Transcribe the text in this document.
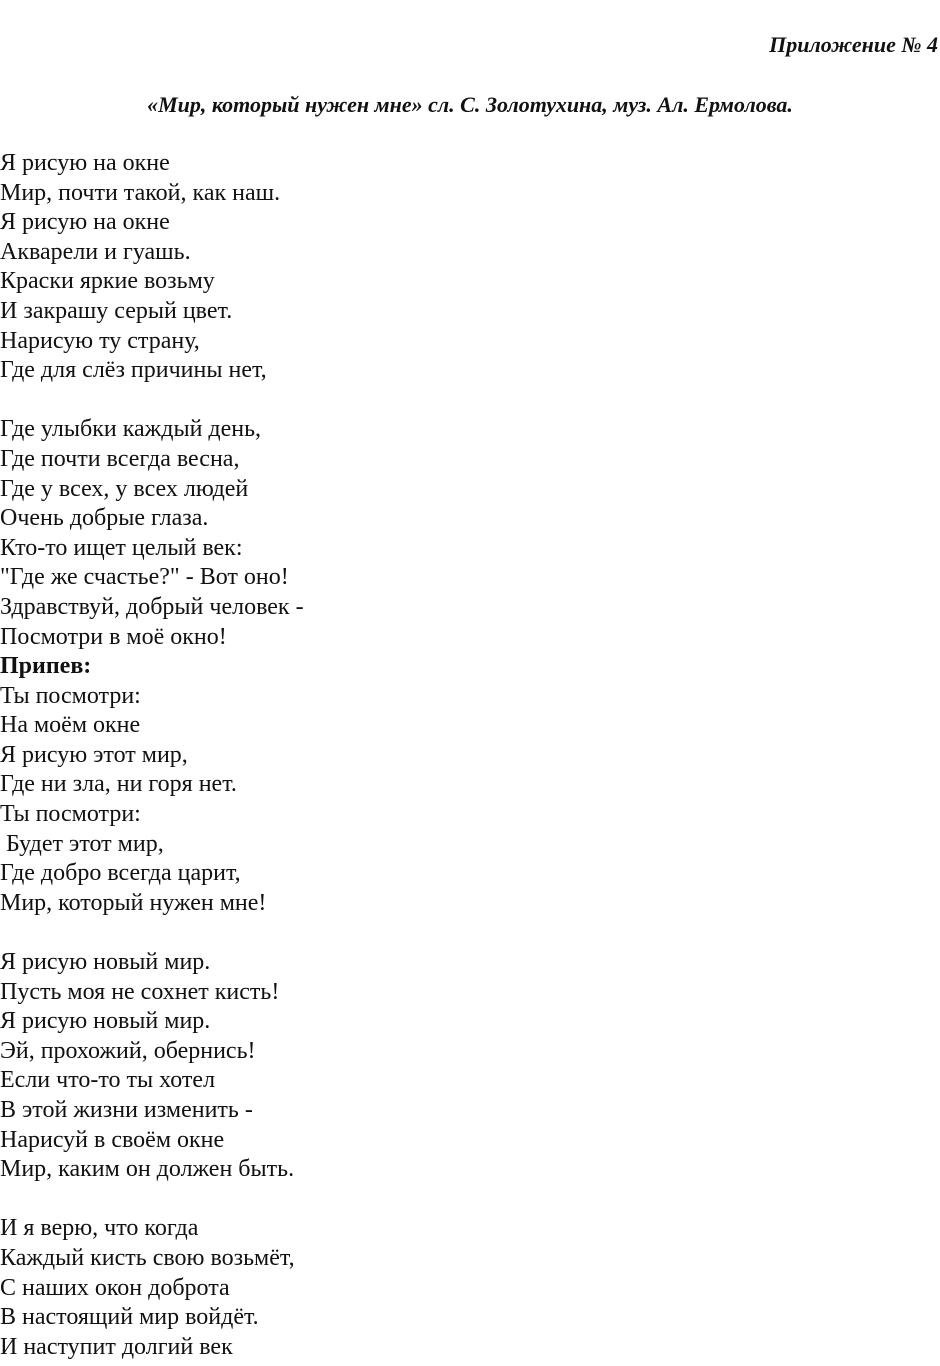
Приложение № 4
«Мир, который нужен мне» сл. С. Золотухина, муз. Ал. Ермолова.
Я рисую на окне
Мир, почти такой, как наш.
Я рисую на окне
Акварели и гуашь.
Краски яркие возьму
И закрашу серый цвет.
Нарисую ту страну,
Где для слёз причины нет,
Где улыбки каждый день,
Где почти всегда весна,
Где у всех, у всех людей
Очень добрые глаза.
Кто-то ищет целый век:
"Где же счастье?" - Вот оно!
Здравствуй, добрый человек -
Посмотри в моё окно!
Припев:
Ты посмотри:
На моём окне
Я рисую этот мир,
Где ни зла, ни горя нет.
Ты посмотри:
Будет этот мир,
Где добро всегда царит,
Мир, который нужен мне!
Я рисую новый мир.
Пусть моя не сохнет кисть!
Я рисую новый мир.
Эй, прохожий, обернись!
Если что-то ты хотел
В этой жизни изменить -
Нарисуй в своём окне
Мир, каким он должен быть.
И я верю, что когда
Каждый кисть свою возьмёт,
С наших окон доброта
В настоящий мир войдёт.
И наступит долгий век
